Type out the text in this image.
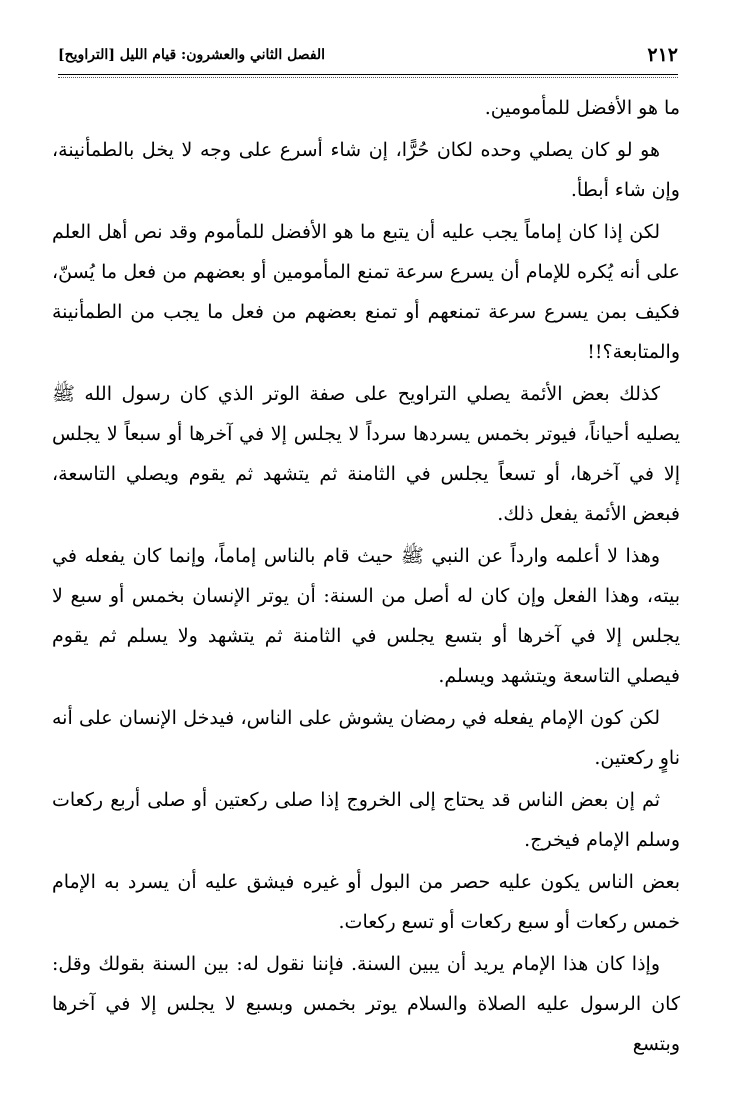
٢١٢
الفصل الثاني والعشرون: قيام الليل [التراويح]

ما هو الأفضل للمأمومين.

هو لو كان يصلي وحده لكان حُرًّا، إن شاء أسرع على وجه لا يخل بالطمأنينة، وإن شاء أبطأ.

لكن إذا كان إماماً يجب عليه أن يتبع ما هو الأفضل للمأموم وقد نص أهل العلم على أنه يُكره للإمام أن يسرع سرعة تمنع المأمومين أو بعضهم من فعل ما يُسنّ، فكيف بمن يسرع سرعة تمنعهم أو تمنع بعضهم من فعل ما يجب من الطمأنينة والمتابعة؟!!

كذلك بعض الأئمة يصلي التراويح على صفة الوتر الذي كان رسول الله ﷺ يصليه أحياناً، فيوتر بخمس يسردها سرداً لا يجلس إلا في آخرها أو سبعاً لا يجلس إلا في آخرها، أو تسعاً يجلس في الثامنة ثم يتشهد ثم يقوم ويصلي التاسعة، فبعض الأئمة يفعل ذلك.

وهذا لا أعلمه وارداً عن النبي ﷺ حيث قام بالناس إماماً، وإنما كان يفعله في بيته، وهذا الفعل وإن كان له أصل من السنة: أن يوتر الإنسان بخمس أو سبع لا يجلس إلا في آخرها أو بتسع يجلس في الثامنة ثم يتشهد ولا يسلم ثم يقوم فيصلي التاسعة ويتشهد ويسلم.

لكن كون الإمام يفعله في رمضان يشوش على الناس، فيدخل الإنسان على أنه ناوٍ ركعتين.

ثم إن بعض الناس قد يحتاج إلى الخروج إذا صلى ركعتين أو صلى أربع ركعات وسلم الإمام فيخرج.

بعض الناس يكون عليه حصر من البول أو غيره فيشق عليه أن يسرد به الإمام خمس ركعات أو سبع ركعات أو تسع ركعات.

وإذا كان هذا الإمام يريد أن يبين السنة. فإننا نقول له: بين السنة بقولك وقل: كان الرسول عليه الصلاة والسلام يوتر بخمس وبسبع لا يجلس إلا في آخرها وبتسع
